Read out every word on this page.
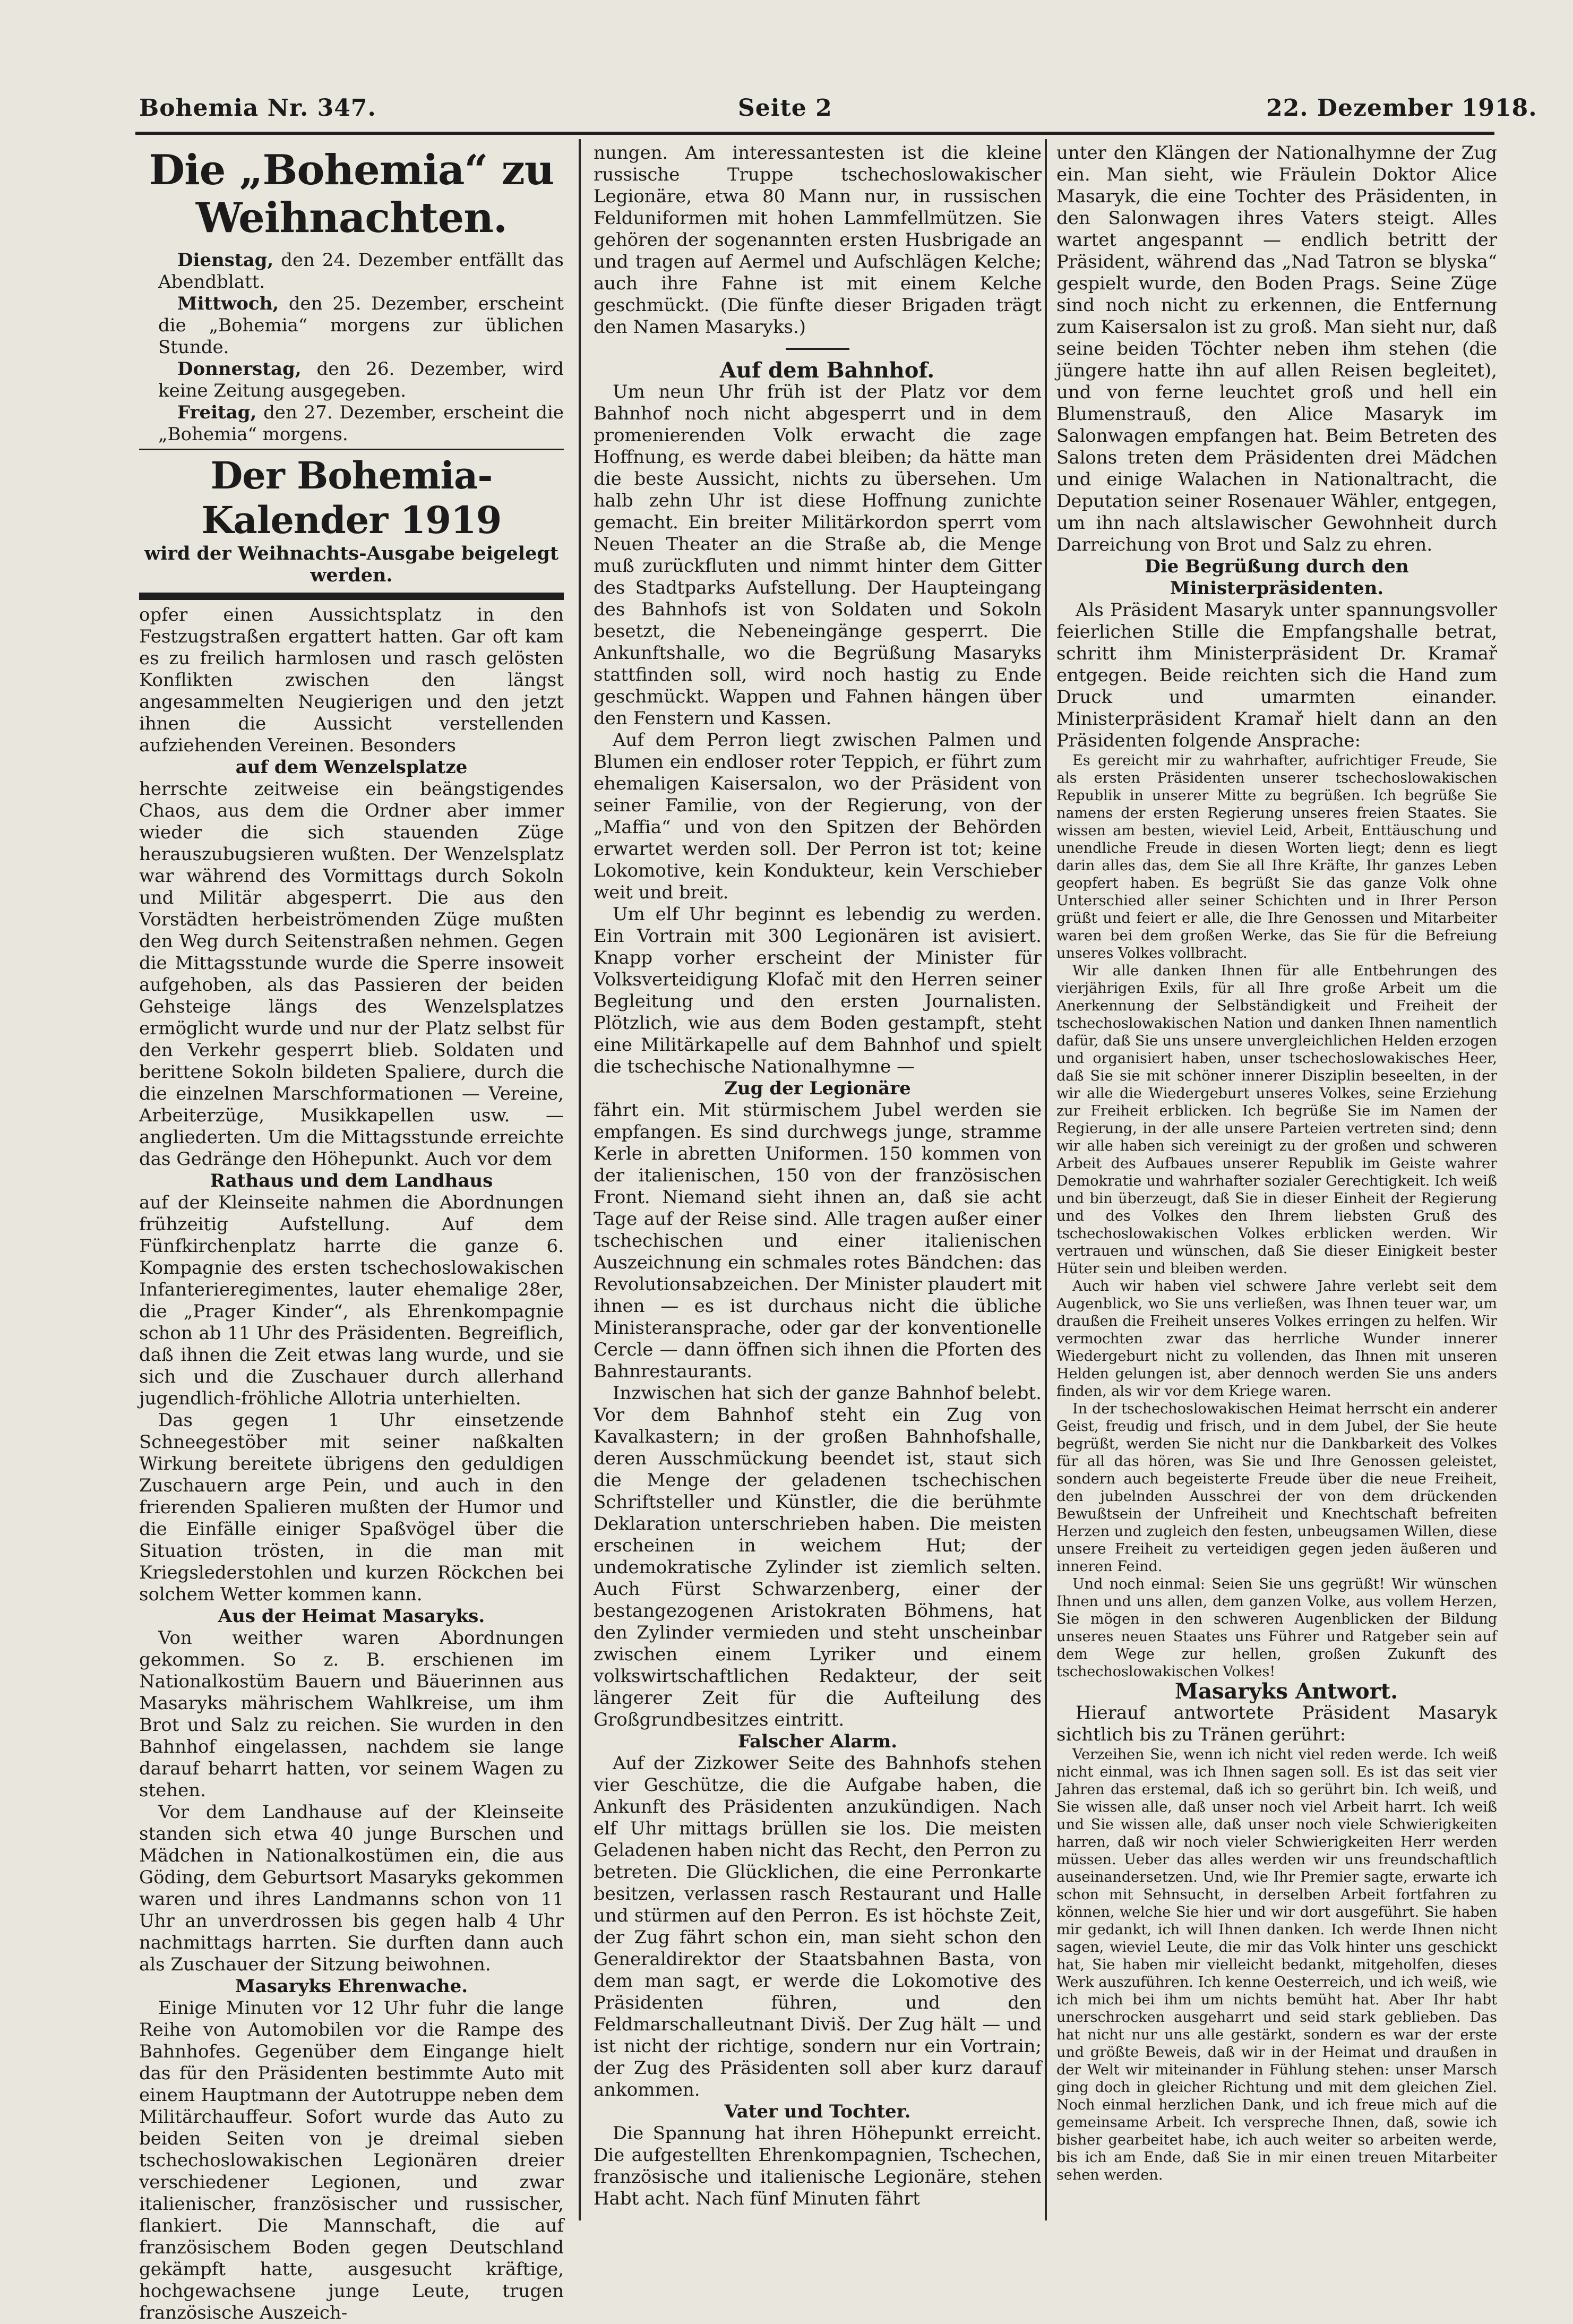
Bohemia Nr. 347.	Seite 2	22. Dezember 1918.
Die „Bohemia“ zu Weihnachten.

Dienstag, den 24. Dezember entfällt das Abendblatt.

Mittwoch, den 25. Dezember, erscheint die „Bohemia“ morgens zur üblichen Stunde.

Donnerstag, den 26. Dezember, wird keine Zeitung ausgegeben.

Freitag, den 27. Dezember, erscheint die „Bohemia“ morgens.

Der Bohemia-Kalender 1919
wird der Weihnachts-Ausgabe beigelegt werden.

opfer einen Aussichtsplatz in den Festzugstraßen ergattert hatten. Gar oft kam es zu freilich harmlosen und rasch gelösten Konflikten zwischen den längst angesammelten Neugierigen und den jetzt ihnen die Aussicht verstellenden aufziehenden Vereinen. Besonders

auf dem Wenzelsplatze

herrschte zeitweise ein beängstigendes Chaos, aus dem die Ordner aber immer wieder die sich stauenden Züge herauszubugsieren wußten. Der Wenzelsplatz war während des Vormittags durch Sokoln und Militär abgesperrt. Die aus den Vorstädten herbeiströmenden Züge mußten den Weg durch Seitenstraßen nehmen. Gegen die Mittagsstunde wurde die Sperre insoweit aufgehoben, als das Passieren der beiden Gehsteige längs des Wenzelsplatzes ermöglicht wurde und nur der Platz selbst für den Verkehr gesperrt blieb. Soldaten und berittene Sokoln bildeten Spaliere, durch die die einzelnen Marschformationen — Vereine, Arbeiterzüge, Musikkapellen usw. — angliederten. Um die Mittagsstunde erreichte das Gedränge den Höhepunkt. Auch vor dem

Rathaus und dem Landhaus

auf der Kleinseite nahmen die Abordnungen frühzeitig Aufstellung. Auf dem Fünfkirchenplatz harrte die ganze 6. Kompagnie des ersten tschechoslowakischen Infanterieregimentes, lauter ehemalige 28er, die „Prager Kinder“, als Ehrenkompagnie schon ab 11 Uhr des Präsidenten. Begreiflich, daß ihnen die Zeit etwas lang wurde, und sie sich und die Zuschauer durch allerhand jugendlich-fröhliche Allotria unterhielten.

Das gegen 1 Uhr einsetzende Schneegestöber mit seiner naßkalten Wirkung bereitete übrigens den geduldigen Zuschauern arge Pein, und auch in den frierenden Spalieren mußten der Humor und die Einfälle einiger Spaßvögel über die Situation trösten, in die man mit Kriegslederstohlen und kurzen Röckchen bei solchem Wetter kommen kann.

Aus der Heimat Masaryks.

Von weither waren Abordnungen gekommen. So z. B. erschienen im Nationalkostüm Bauern und Bäuerinnen aus Masaryks mährischem Wahlkreise, um ihm Brot und Salz zu reichen. Sie wurden in den Bahnhof eingelassen, nachdem sie lange darauf beharrt hatten, vor seinem Wagen zu stehen.

Vor dem Landhause auf der Kleinseite standen sich etwa 40 junge Burschen und Mädchen in Nationalkostümen ein, die aus Göding, dem Geburtsort Masaryks gekommen waren und ihres Landmanns schon von 11 Uhr an unverdrossen bis gegen halb 4 Uhr nachmittags harrten. Sie durften dann auch als Zuschauer der Sitzung beiwohnen.

Masaryks Ehrenwache.

Einige Minuten vor 12 Uhr fuhr die lange Reihe von Automobilen vor die Rampe des Bahnhofes. Gegenüber dem Eingange hielt das für den Präsidenten bestimmte Auto mit einem Hauptmann der Autotruppe neben dem Militärchauffeur. Sofort wurde das Auto zu beiden Seiten von je dreimal sieben tschechoslowakischen Legionären dreier verschiedener Legionen, und zwar italienischer, französischer und russischer, flankiert. Die Mannschaft, die auf französischem Boden gegen Deutschland gekämpft hatte, ausgesucht kräftige, hochgewachsene junge Leute, trugen französische Auszeich-

nungen. Am interessantesten ist die kleine russische Truppe tschechoslowakischer Legionäre, etwa 80 Mann nur, in russischen Felduniformen mit hohen Lammfellmützen. Sie gehören der sogenannten ersten Husbrigade an und tragen auf Aermel und Aufschlägen Kelche; auch ihre Fahne ist mit einem Kelche geschmückt. (Die fünfte dieser Brigaden trägt den Namen Masaryks.)

Auf dem Bahnhof.

Um neun Uhr früh ist der Platz vor dem Bahnhof noch nicht abgesperrt und in dem promenierenden Volk erwacht die zage Hoffnung, es werde dabei bleiben; da hätte man die beste Aussicht, nichts zu übersehen. Um halb zehn Uhr ist diese Hoffnung zunichte gemacht. Ein breiter Militärkordon sperrt vom Neuen Theater an die Straße ab, die Menge muß zurückfluten und nimmt hinter dem Gitter des Stadtparks Aufstellung. Der Haupteingang des Bahnhofs ist von Soldaten und Sokoln besetzt, die Nebeneingänge gesperrt. Die Ankunftshalle, wo die Begrüßung Masaryks stattfinden soll, wird noch hastig zu Ende geschmückt. Wappen und Fahnen hängen über den Fenstern und Kassen.

Auf dem Perron liegt zwischen Palmen und Blumen ein endloser roter Teppich, er führt zum ehemaligen Kaisersalon, wo der Präsident von seiner Familie, von der Regierung, von der „Maffia“ und von den Spitzen der Behörden erwartet werden soll. Der Perron ist tot; keine Lokomotive, kein Kondukteur, kein Verschieber weit und breit.

Um elf Uhr beginnt es lebendig zu werden. Ein Vortrain mit 300 Legionären ist avisiert. Knapp vorher erscheint der Minister für Volksverteidigung Klofač mit den Herren seiner Begleitung und den ersten Journalisten. Plötzlich, wie aus dem Boden gestampft, steht eine Militärkapelle auf dem Bahnhof und spielt die tschechische Nationalhymne —

Zug der Legionäre

fährt ein. Mit stürmischem Jubel werden sie empfangen. Es sind durchwegs junge, stramme Kerle in abretten Uniformen. 150 kommen von der italienischen, 150 von der französischen Front. Niemand sieht ihnen an, daß sie acht Tage auf der Reise sind. Alle tragen außer einer tschechischen und einer italienischen Auszeichnung ein schmales rotes Bändchen: das Revolutionsabzeichen. Der Minister plaudert mit ihnen — es ist durchaus nicht die übliche Ministeransprache, oder gar der konventionelle Cercle — dann öffnen sich ihnen die Pforten des Bahnrestaurants.

Inzwischen hat sich der ganze Bahnhof belebt. Vor dem Bahnhof steht ein Zug von Kavalkastern; in der großen Bahnhofshalle, deren Ausschmückung beendet ist, staut sich die Menge der geladenen tschechischen Schriftsteller und Künstler, die die berühmte Deklaration unterschrieben haben. Die meisten erscheinen in weichem Hut; der undemokratische Zylinder ist ziemlich selten. Auch Fürst Schwarzenberg, einer der bestangezogenen Aristokraten Böhmens, hat den Zylinder vermieden und steht unscheinbar zwischen einem Lyriker und einem volkswirtschaftlichen Redakteur, der seit längerer Zeit für die Aufteilung des Großgrundbesitzes eintritt.

Falscher Alarm.

Auf der Zizkower Seite des Bahnhofs stehen vier Geschütze, die die Aufgabe haben, die Ankunft des Präsidenten anzukündigen. Nach elf Uhr mittags brüllen sie los. Die meisten Geladenen haben nicht das Recht, den Perron zu betreten. Die Glücklichen, die eine Perronkarte besitzen, verlassen rasch Restaurant und Halle und stürmen auf den Perron. Es ist höchste Zeit, der Zug fährt schon ein, man sieht schon den Generaldirektor der Staatsbahnen Basta, von dem man sagt, er werde die Lokomotive des Präsidenten führen, und den Feldmarschalleutnant Diviš. Der Zug hält — und ist nicht der richtige, sondern nur ein Vortrain; der Zug des Präsidenten soll aber kurz darauf ankommen.

Vater und Tochter.

Die Spannung hat ihren Höhepunkt erreicht. Die aufgestellten Ehrenkompagnien, Tschechen, französische und italienische Legionäre, stehen Habt acht. Nach fünf Minuten fährt

unter den Klängen der Nationalhymne der Zug ein. Man sieht, wie Fräulein Doktor Alice Masaryk, die eine Tochter des Präsidenten, in den Salonwagen ihres Vaters steigt. Alles wartet angespannt — endlich betritt der Präsident, während das „Nad Tatron se blyska“ gespielt wurde, den Boden Prags. Seine Züge sind noch nicht zu erkennen, die Entfernung zum Kaisersalon ist zu groß. Man sieht nur, daß seine beiden Töchter neben ihm stehen (die jüngere hatte ihn auf allen Reisen begleitet), und von ferne leuchtet groß und hell ein Blumenstrauß, den Alice Masaryk im Salonwagen empfangen hat. Beim Betreten des Salons treten dem Präsidenten drei Mädchen und einige Walachen in Nationaltracht, die Deputation seiner Rosenauer Wähler, entgegen, um ihn nach altslawischer Gewohnheit durch Darreichung von Brot und Salz zu ehren.

Die Begrüßung durch den Ministerpräsidenten.

Als Präsident Masaryk unter spannungsvoller feierlichen Stille die Empfangshalle betrat, schritt ihm Ministerpräsident Dr. Kramař entgegen. Beide reichten sich die Hand zum Druck und umarmten einander. Ministerpräsident Kramař hielt dann an den Präsidenten folgende Ansprache:

Es gereicht mir zu wahrhafter, aufrichtiger Freude, Sie als ersten Präsidenten unserer tschechoslowakischen Republik in unserer Mitte zu begrüßen. Ich begrüße Sie namens der ersten Regierung unseres freien Staates. Sie wissen am besten, wieviel Leid, Arbeit, Enttäuschung und unendliche Freude in diesen Worten liegt; denn es liegt darin alles das, dem Sie all Ihre Kräfte, Ihr ganzes Leben geopfert haben. Es begrüßt Sie das ganze Volk ohne Unterschied aller seiner Schichten und in Ihrer Person grüßt und feiert er alle, die Ihre Genossen und Mitarbeiter waren bei dem großen Werke, das Sie für die Befreiung unseres Volkes vollbracht.

Wir alle danken Ihnen für alle Entbehrungen des vierjährigen Exils, für all Ihre große Arbeit um die Anerkennung der Selbständigkeit und Freiheit der tschechoslowakischen Nation und danken Ihnen namentlich dafür, daß Sie uns unsere unvergleichlichen Helden erzogen und organisiert haben, unser tschechoslowakisches Heer, daß Sie sie mit schöner innerer Disziplin beseelten, in der wir alle die Wiedergeburt unseres Volkes, seine Erziehung zur Freiheit erblicken. Ich begrüße Sie im Namen der Regierung, in der alle unsere Parteien vertreten sind; denn wir alle haben sich vereinigt zu der großen und schweren Arbeit des Aufbaues unserer Republik im Geiste wahrer Demokratie und wahrhafter sozialer Gerechtigkeit. Ich weiß und bin überzeugt, daß Sie in dieser Einheit der Regierung und des Volkes den Ihrem liebsten Gruß des tschechoslowakischen Volkes erblicken werden. Wir vertrauen und wünschen, daß Sie dieser Einigkeit bester Hüter sein und bleiben werden.

Auch wir haben viel schwere Jahre verlebt seit dem Augenblick, wo Sie uns verließen, was Ihnen teuer war, um draußen die Freiheit unseres Volkes erringen zu helfen. Wir vermochten zwar das herrliche Wunder innerer Wiedergeburt nicht zu vollenden, das Ihnen mit unseren Helden gelungen ist, aber dennoch werden Sie uns anders finden, als wir vor dem Kriege waren.

In der tschechoslowakischen Heimat herrscht ein anderer Geist, freudig und frisch, und in dem Jubel, der Sie heute begrüßt, werden Sie nicht nur die Dankbarkeit des Volkes für all das hören, was Sie und Ihre Genossen geleistet, sondern auch begeisterte Freude über die neue Freiheit, den jubelnden Ausschrei der von dem drückenden Bewußtsein der Unfreiheit und Knechtschaft befreiten Herzen und zugleich den festen, unbeugsamen Willen, diese unsere Freiheit zu verteidigen gegen jeden äußeren und inneren Feind.

Und noch einmal: Seien Sie uns gegrüßt! Wir wünschen Ihnen und uns allen, dem ganzen Volke, aus vollem Herzen, Sie mögen in den schweren Augenblicken der Bildung unseres neuen Staates uns Führer und Ratgeber sein auf dem Wege zur hellen, großen Zukunft des tschechoslowakischen Volkes!

Masaryks Antwort.

Hierauf antwortete Präsident Masaryk sichtlich bis zu Tränen gerührt:

Verzeihen Sie, wenn ich nicht viel reden werde. Ich weiß nicht einmal, was ich Ihnen sagen soll. Es ist das seit vier Jahren das erstemal, daß ich so gerührt bin. Ich weiß, und Sie wissen alle, daß unser noch viel Arbeit harrt. Ich weiß und Sie wissen alle, daß unser noch viele Schwierigkeiten harren, daß wir noch vieler Schwierigkeiten Herr werden müssen. Ueber das alles werden wir uns freundschaftlich auseinandersetzen. Und, wie Ihr Premier sagte, erwarte ich schon mit Sehnsucht, in derselben Arbeit fortfahren zu können, welche Sie hier und wir dort ausgeführt. Sie haben mir gedankt, ich will Ihnen danken. Ich werde Ihnen nicht sagen, wieviel Leute, die mir das Volk hinter uns geschickt hat, Sie haben mir vielleicht bedankt, mitgeholfen, dieses Werk auszuführen. Ich kenne Oesterreich, und ich weiß, wie ich mich bei ihm um nichts bemüht hat. Aber Ihr habt unerschrocken ausgeharrt und seid stark geblieben. Das hat nicht nur uns alle gestärkt, sondern es war der erste und größte Beweis, daß wir in der Heimat und draußen in der Welt wir miteinander in Fühlung stehen: unser Marsch ging doch in gleicher Richtung und mit dem gleichen Ziel. Noch einmal herzlichen Dank, und ich freue mich auf die gemeinsame Arbeit. Ich verspreche Ihnen, daß, sowie ich bisher gearbeitet habe, ich auch weiter so arbeiten werde, bis ich am Ende, daß Sie in mir einen treuen Mitarbeiter sehen werden.
